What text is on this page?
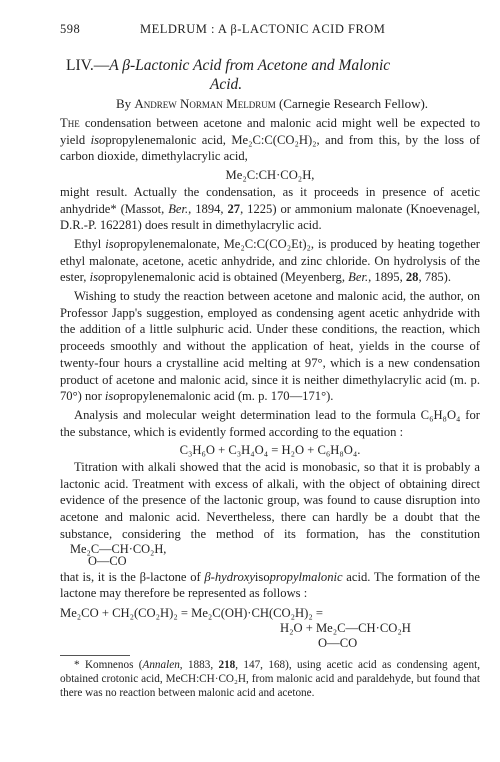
598	MELDRUM : A β-LACTONIC ACID FROM
LIV.—A β-Lactonic Acid from Acetone and Malonic
Acid.
By Andrew Norman Meldrum (Carnegie Research Fellow).

The condensation between acetone and malonic acid might well be expected to yield isopropylenemalonic acid, Me₂C:C(CO₂H)₂, and from this, by the loss of carbon dioxide, dimethylacrylic acid,

Me₂C:CH·CO₂H,

might result. Actually the condensation, as it proceeds in presence of acetic anhydride* (Massot, Ber., 1894, 27, 1225) or ammonium malonate (Knoevenagel, D.R.-P. 162281) does result in dimethylacrylic acid.

Ethyl isopropylenemalonate, Me₂C:C(CO₂Et)₂, is produced by heating together ethyl malonate, acetone, acetic anhydride, and zinc chloride. On hydrolysis of the ester, isopropylenemalonic acid is obtained (Meyenberg, Ber., 1895, 28, 785).

Wishing to study the reaction between acetone and malonic acid, the author, on Professor Japp's suggestion, employed as condensing agent acetic anhydride with the addition of a little sulphuric acid. Under these conditions, the reaction, which proceeds smoothly and without the application of heat, yields in the course of twenty-four hours a crystalline acid melting at 97°, which is a new condensation product of acetone and malonic acid, since it is neither dimethylacrylic acid (m. p. 70°) nor isopropylenemalonic acid (m. p. 170—171°).

Analysis and molecular weight determination lead to the formula C₆H₈O₄ for the substance, which is evidently formed according to the equation :

C₃H₆O + C₃H₄O₄ = H₂O + C₆H₈O₄.

Titration with alkali showed that the acid is monobasic, so that it is probably a lactonic acid. Treatment with excess of alkali, with the object of obtaining direct evidence of the presence of the lactonic group, was found to cause disruption into acetone and malonic acid. Nevertheless, there can hardly be a doubt that the substance, considering the method of its formation, has the constitution
Me₂C—CH·CO₂H,
O—CO

that is, it is the β-lactone of β-hydroxyisopropylmalonic acid. The formation of the lactone may therefore be represented as follows :

Me₂CO + CH₂(CO₂H)₂ = Me₂C(OH)·CH(CO₂H)₂ =
H₂O + Me₂C—CH·CO₂H
O—CO

* Komnenos (Annalen, 1883, 218, 147, 168), using acetic acid as condensing agent, obtained crotonic acid, MeCH:CH·CO₂H, from malonic acid and paraldehyde, but found that there was no reaction between malonic acid and acetone.
